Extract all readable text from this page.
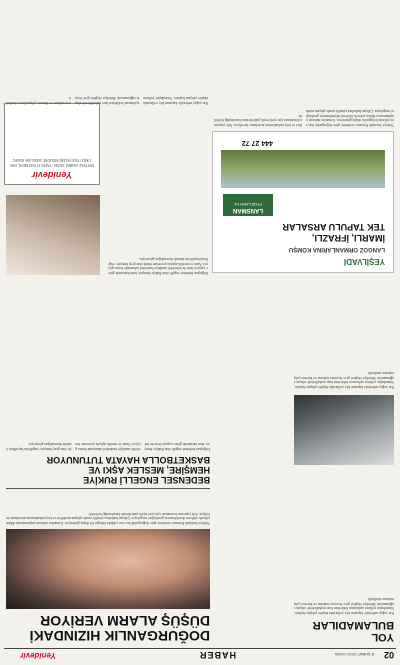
02
8 ŞUBAT 2019 CUMA
HABER
Yenidevir
YOL BULAMADILAR
Kar yağışı nedeniyle kapanan köy yollarında ekipler çalışma başlattı. Vatandaşlar yolların açılmasını beklerken bazı mahallelerde ulaşım sağlanamadı. Belediye ekipleri gece boyunca tuzlama ve küreme çalışmalarını sürdürdü.
Kar yağışı nedeniyle kapanan köy yollarında ekipler çalışma başlattı. Vatandaşlar yolların açılmasını beklerken bazı mahallelerde ulaşım sağlanamadı. Belediye ekipleri gece boyunca tuzlama ve küreme çalışmalarını sürdürdü.
YEŞİLVADİ
LANGOZ ORMANLARINA KOMŞU
İMARLI, İFRAZLI,
TEK TAPULU ARSALAR
LANSMAN
FİYATLARIYLA
444 27 72
DOĞURGANLIK HIZINDAKİ
DÜŞÜŞ ALARM VERİYOR
Türkiye İstatistik Kurumu verilerine göre doğurganlık hızı son yıllarda belirgin bir düşüş gösteriyor. Uzmanlar nüfusun yaşlanmasına dikkat çekerek ailelerin desteklenmesi gerektiğini vurguluyor. Çalışan kadınlara yönelik esnek çalışma modelleri ve kreş imkanlarının artırılması öneriliyor. Aile yapısının korunması için yeni teşvik paketlerinin hazırlandığı belirtildi.
BEDENSEL ENGELLİ RUKİYE
HEMŞİRE, MESLEK AŞKI VE
BASKETBOLLA HAYATA TUTUNUYOR
Doğuştan bedensel engelli olan Rukiye hemşire, hem hastanede görev yapıyor hem de tekerlekli sandalye basketbol takımında forma giyiyor. Azmi ve meslek aşkıyla çevresine örnek olan genç hemşire, engellerin hayallerin önünde durmadığını gösteriyor.
Doğuştan bedensel engelli olan Rukiye hemşire, hem hastanede görev yapıyor hem de tekerlekli sandalye basketbol takımında forma giyiyor. Azmi ve meslek aşkıyla çevresine örnek olan genç hemşire, engellerin hayallerin önünde durmadığını gösteriyor.
Yenidevir
İMTİYAZ SAHİBİ, GENEL YAYIN YÖNETMENİ, SORUMLU YAZI İŞLERİ MÜDÜRÜ, REKLAM, BASKI
Türkiye İstatistik Kurumu verilerine göre doğurganlık hızı son yıllarda belirgin bir düşüş gösteriyor. Uzmanlar nüfusun yaşlanmasına dikkat çekerek ailelerin desteklenmesi gerektiğini vurguluyor. Çalışan kadınlara yönelik esnek çalışma modelleri ve kreş imkanlarının artırılması öneriliyor. Aile yapısının korunması için yeni teşvik paketlerinin hazırlandığı belirtildi.
Kar yağışı nedeniyle kapanan köy yollarında ekipler çalışma başlattı. Vatandaşlar yolların açılmasını beklerken bazı mahallelerde ulaşım sağlanamadı. Belediye ekipleri gece boyunca tuzlama ve küreme çalışmalarını sürdürdü.
